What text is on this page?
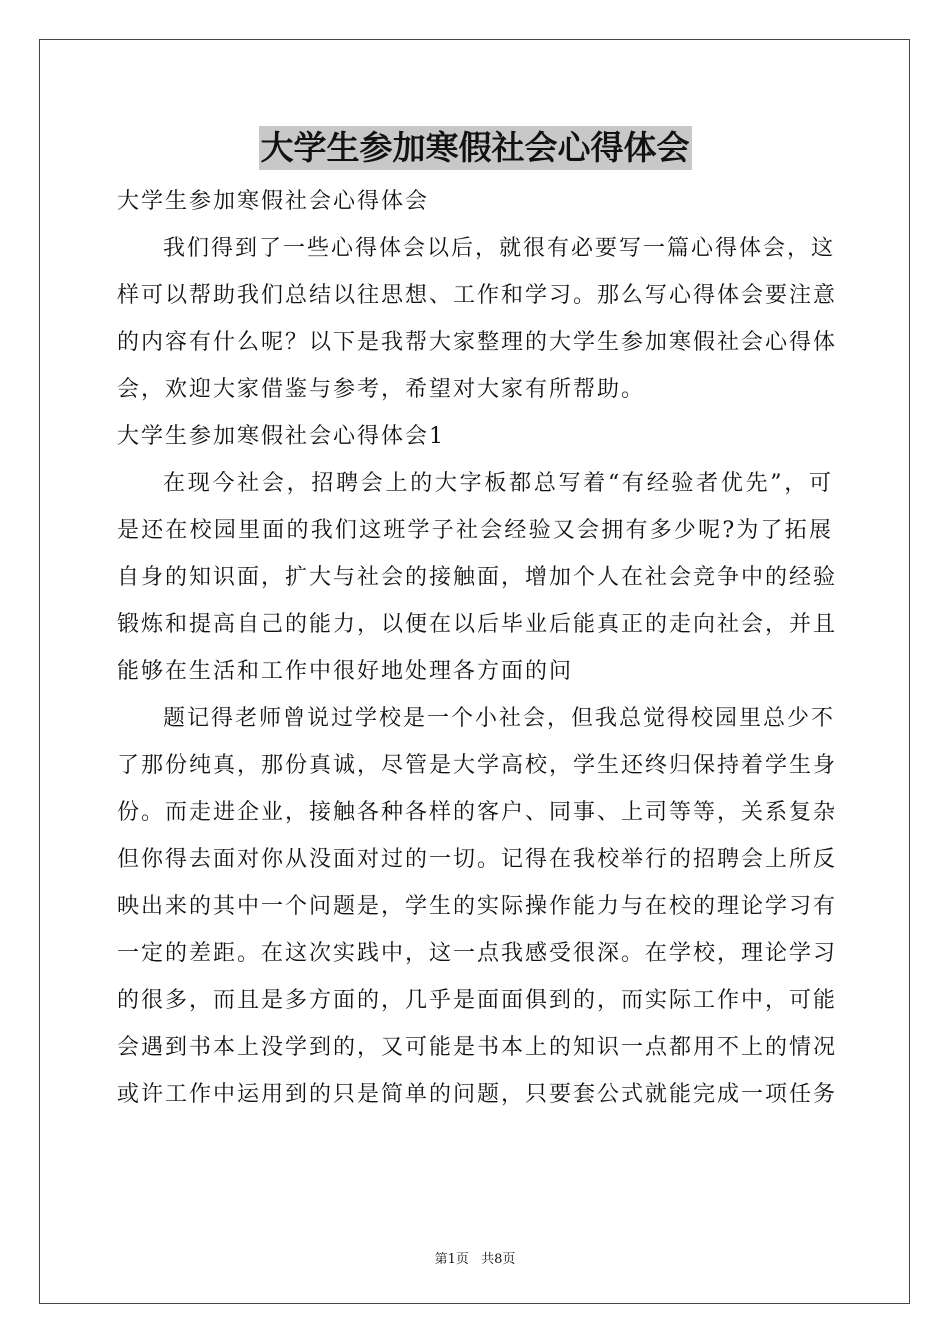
大学生参加寒假社会心得体会
大学生参加寒假社会心得体会
我们得到了一些心得体会以后，就很有必要写一篇心得体会，这
样可以帮助我们总结以往思想、工作和学习。那么写心得体会要注意
的内容有什么呢？以下是我帮大家整理的大学生参加寒假社会心得体
会，欢迎大家借鉴与参考，希望对大家有所帮助。
大学生参加寒假社会心得体会1
在现今社会，招聘会上的大字板都总写着“有经验者优先”，可
是还在校园里面的我们这班学子社会经验又会拥有多少呢?为了拓展
自身的知识面，扩大与社会的接触面，增加个人在社会竞争中的经验
锻炼和提高自己的能力，以便在以后毕业后能真正的走向社会，并且
能够在生活和工作中很好地处理各方面的问
题记得老师曾说过学校是一个小社会，但我总觉得校园里总少不
了那份纯真，那份真诚，尽管是大学高校，学生还终归保持着学生身
份。而走进企业，接触各种各样的客户、同事、上司等等，关系复杂
但你得去面对你从没面对过的一切。记得在我校举行的招聘会上所反
映出来的其中一个问题是，学生的实际操作能力与在校的理论学习有
一定的差距。在这次实践中，这一点我感受很深。在学校，理论学习
的很多，而且是多方面的，几乎是面面俱到的，而实际工作中，可能
会遇到书本上没学到的，又可能是书本上的知识一点都用不上的情况
或许工作中运用到的只是简单的问题，只要套公式就能完成一项任务
第1页 共8页
